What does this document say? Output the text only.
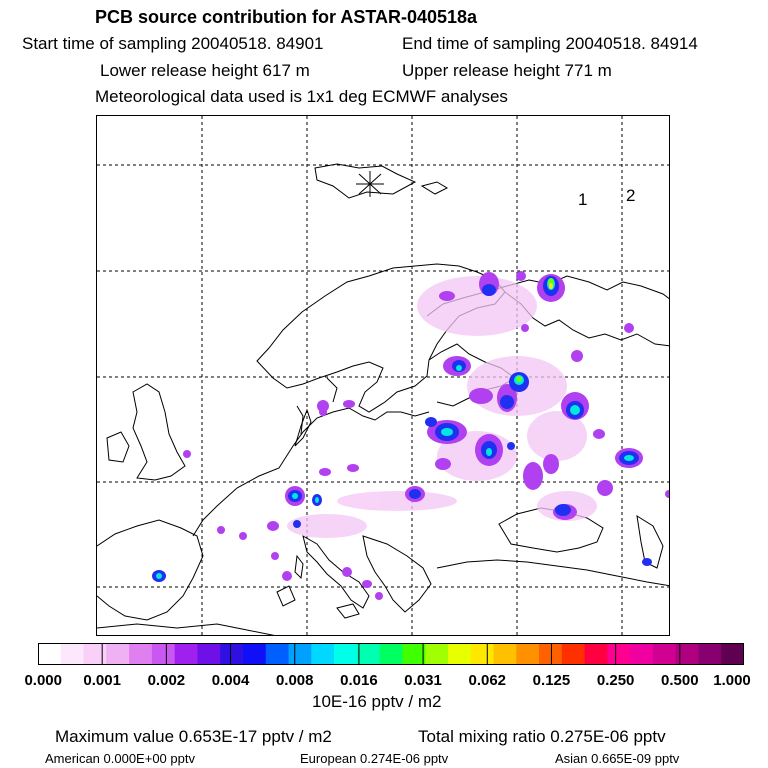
PCB source contribution for ASTAR-040518a
Start time of sampling 20040518. 84901	End time of sampling 20040518. 84914
Lower release height 617 m	Upper release height 771 m
Meteorological data used is 1x1 deg ECMWF analyses
1 2
0.000 0.001 0.002 0.004 0.008 0.016 0.031 0.062 0.125 0.250 0.500 1.000
10E-16 pptv / m2
Maximum value 0.653E-17 pptv / m2	Total mixing ratio 0.275E-06 pptv
American 0.000E+00 pptv	European 0.274E-06 pptv	Asian 0.665E-09 pptv
